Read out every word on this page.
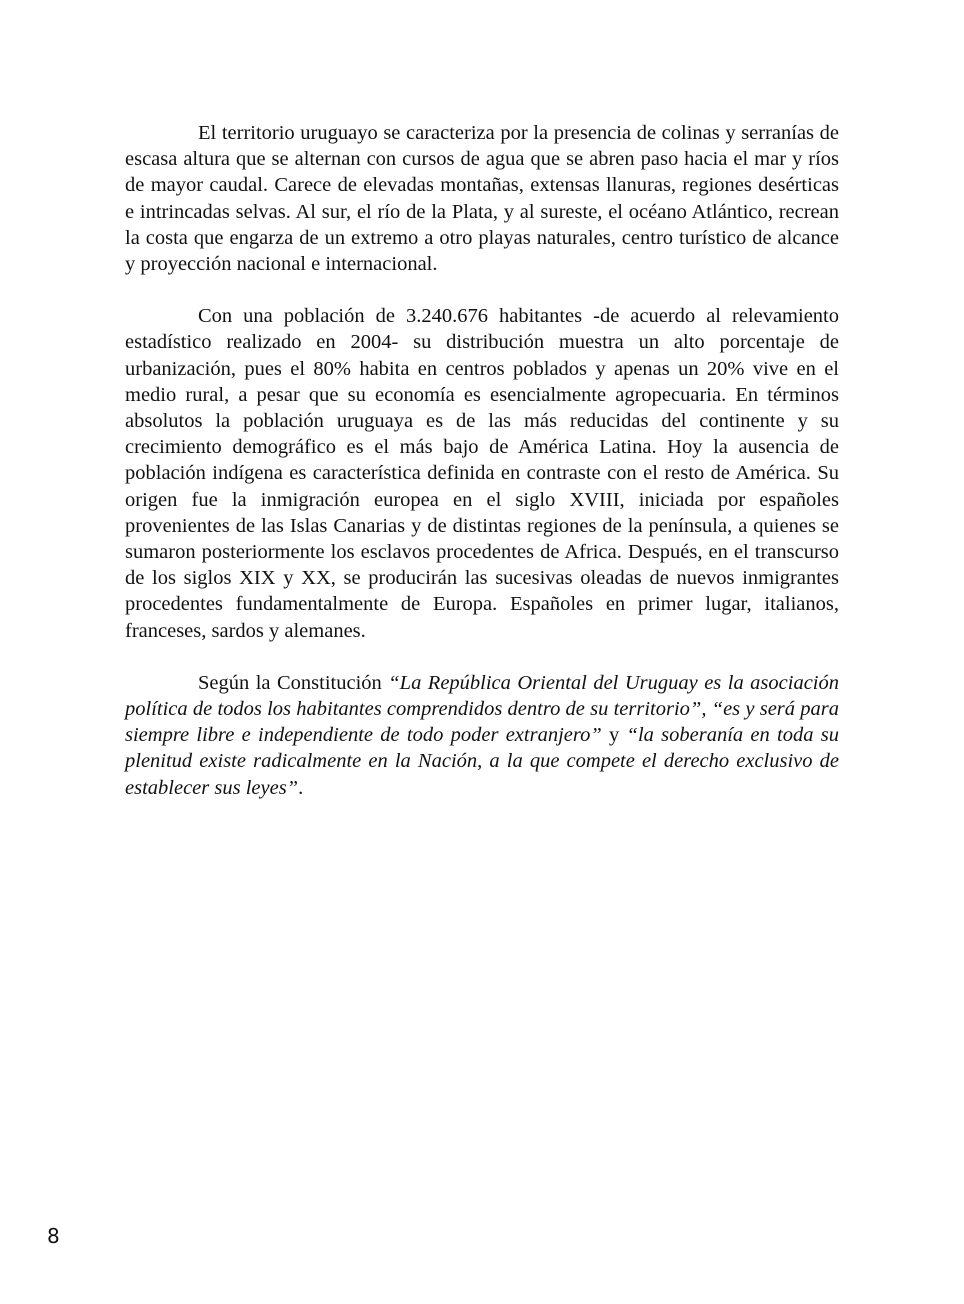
El territorio uruguayo se caracteriza por la presencia de colinas y serranías de escasa altura que se alternan con cursos de agua que se abren paso hacia el mar y ríos de mayor caudal. Carece de elevadas montañas, extensas llanuras, regiones desérticas e intrincadas selvas. Al sur, el río de la Plata, y al sureste, el océano Atlántico, recrean la costa que engarza de un extremo a otro playas naturales, centro turístico de alcance y proyección nacional e internacional.

Con una población de 3.240.676 habitantes -de acuerdo al relevamiento estadístico realizado en 2004- su distribución muestra un alto porcentaje de urbanización, pues el 80% habita en centros poblados y apenas un 20% vive en el medio rural, a pesar que su economía es esencialmente agropecuaria. En términos absolutos la población uruguaya es de las más reducidas del continente y su crecimiento demográfico es el más bajo de América Latina. Hoy la ausencia de población indígena es característica definida en contraste con el resto de América. Su origen fue la inmigración europea en el siglo XVIII, iniciada por españoles provenientes de las Islas Canarias y de distintas regiones de la península, a quienes se sumaron posteriormente los esclavos procedentes de Africa. Después, en el transcurso de los siglos XIX y XX, se producirán las sucesivas oleadas de nuevos inmigrantes procedentes fundamentalmente de Europa. Españoles en primer lugar, italianos, franceses, sardos y alemanes.

Según la Constitución “La República Oriental del Uruguay es la asociación política de todos los habitantes comprendidos dentro de su territorio”, “es y será para siempre libre e independiente de todo poder extranjero” y “la soberanía en toda su plenitud existe radicalmente en la Nación, a la que compete el derecho exclusivo de establecer sus leyes”.

8
